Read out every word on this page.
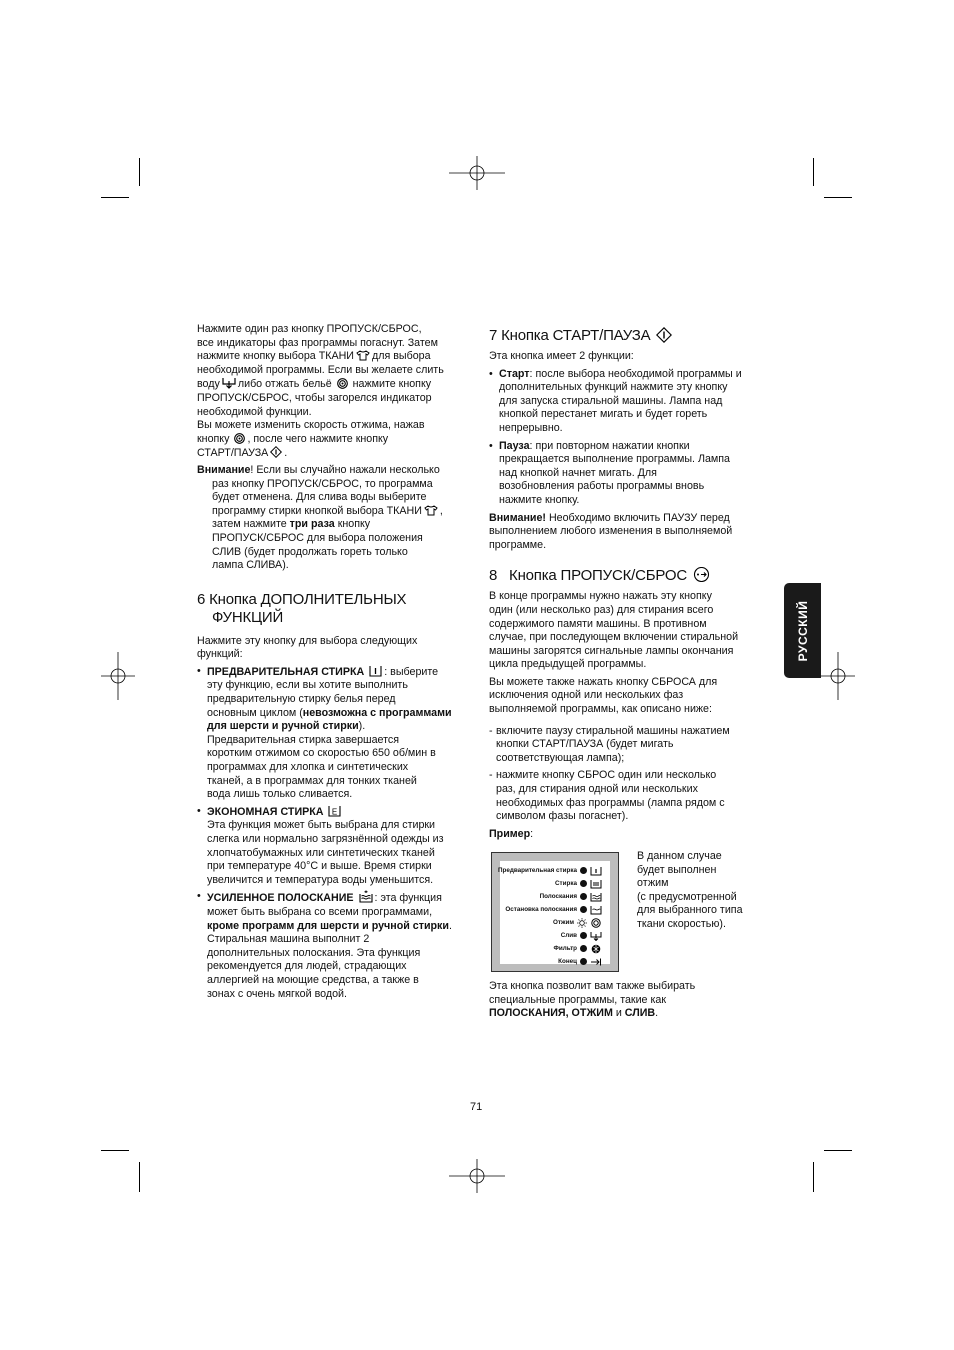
РУССКИЙ

Нажмите один раз кнопку ПРОПУСК/СБРОС,
все индикаторы фаз программы погаснут. Затем
нажмите кнопку выбора ТКАНИ для выбора
необходимой программы. Если вы желаете слить
воду либо отжать бельё нажмите кнопку
ПРОПУСК/СБРОС, чтобы загорелся индикатор
необходимой функции.
Вы можете изменить скорость отжима, нажав
кнопку , после чего нажмите кнопку
СТАРТ/ПАУЗА .

Внимание! Если вы случайно нажали несколько
раз кнопку ПРОПУСК/СБРОС, то программа
будет отменена. Для слива воды выберите
программу стирки кнопкой выбора ТКАНИ ,
затем нажмите три раза кнопку
ПРОПУСК/СБРОС для выбора положения
СЛИВ (будет продолжать гореть только
лампа СЛИВА).

6 Кнопка ДОПОЛНИТЕЛЬНЫХ
ФУНКЦИЙ

Нажмите эту кнопку для выбора следующих
функций:

• ПРЕДВАРИТЕЛЬНАЯ СТИРКА : выберите
эту функцию, если вы хотите выполнить
предварительную стирку белья перед
основным циклом (невозможна с программами
для шерсти и ручной стирки).
Предварительная стирка завершается
коротким отжимом со скоростью 650 об/мин в
программах для хлопка и синтетических
тканей, а в программах для тонких тканей
вода лишь только сливается.
• ЭКОНОМНАЯ СТИРКА E

Эта функция может быть выбрана для стирки
слегка или нормально загрязнённой одежды из
хлопчатобумажных или синтетических тканей
при температуре 40°C и выше. Время стирки
увеличится и температура воды уменьшится.
• УСИЛЕННОЕ ПОЛОСКАНИЕ : эта функция
может быть выбрана со всеми программами,
кроме программ для шерсти и ручной стирки.
Стиральная машина выполнит 2
дополнительных полоскания. Эта функция
рекомендуется для людей, страдающих
аллергией на моющие средства, а также в
зонах с очень мягкой водой.
7 Кнопка СТАРТ/ПАУЗА

Эта кнопка имеет 2 функции:

• Старт: после выбора необходимой программы и
дополнительных функций нажмите эту кнопку
для запуска стиральной машины. Лампа над
кнопкой перестанет мигать и будет гореть
непрерывно.
• Пауза: при повторном нажатии кнопки
прекращается выполнение программы. Лампа
над кнопкой начнет мигать. Для
возобновления работы программы вновь
нажмите кнопку.

Внимание! Необходимо включить ПАУЗУ перед
выполнением любого изменения в выполняемой
программе.

8   Кнопка ПРОПУСК/СБРОС

В конце программы нужно нажать эту кнопку
один (или несколько раз) для стирания всего
содержимого памяти машины. В противном
случае, при последующем включении стиральной
машины загорятся сигнальные лампы окончания
цикла предыдущей программы.

Вы можете также нажать кнопку СБРОСА для
исключения одной или нескольких фаз
выполняемой программы, как описано ниже:

- включите паузу стиральной машины нажатием
кнопки СТАРТ/ПАУЗА (будет мигать
соответствующая лампа);
- нажмите кнопку СБРОС один или несколько
раз, для стирания одной или нескольких
необходимых фаз программы (лампа рядом с
символом фазы погаснет).

Пример:

Предварительная стирка
Стирка
Полоскания
Остановка полоскания
Отжим
Слив
Фильтр
Конец
В данном случае
будет выполнен
отжим
(с предусмотренной
для выбранного типа
ткани скоростью).
Эта кнопка позволит вам также выбирать
специальные программы, такие как
ПОЛОСКАНИЯ, ОТЖИМ и СЛИВ.
71
